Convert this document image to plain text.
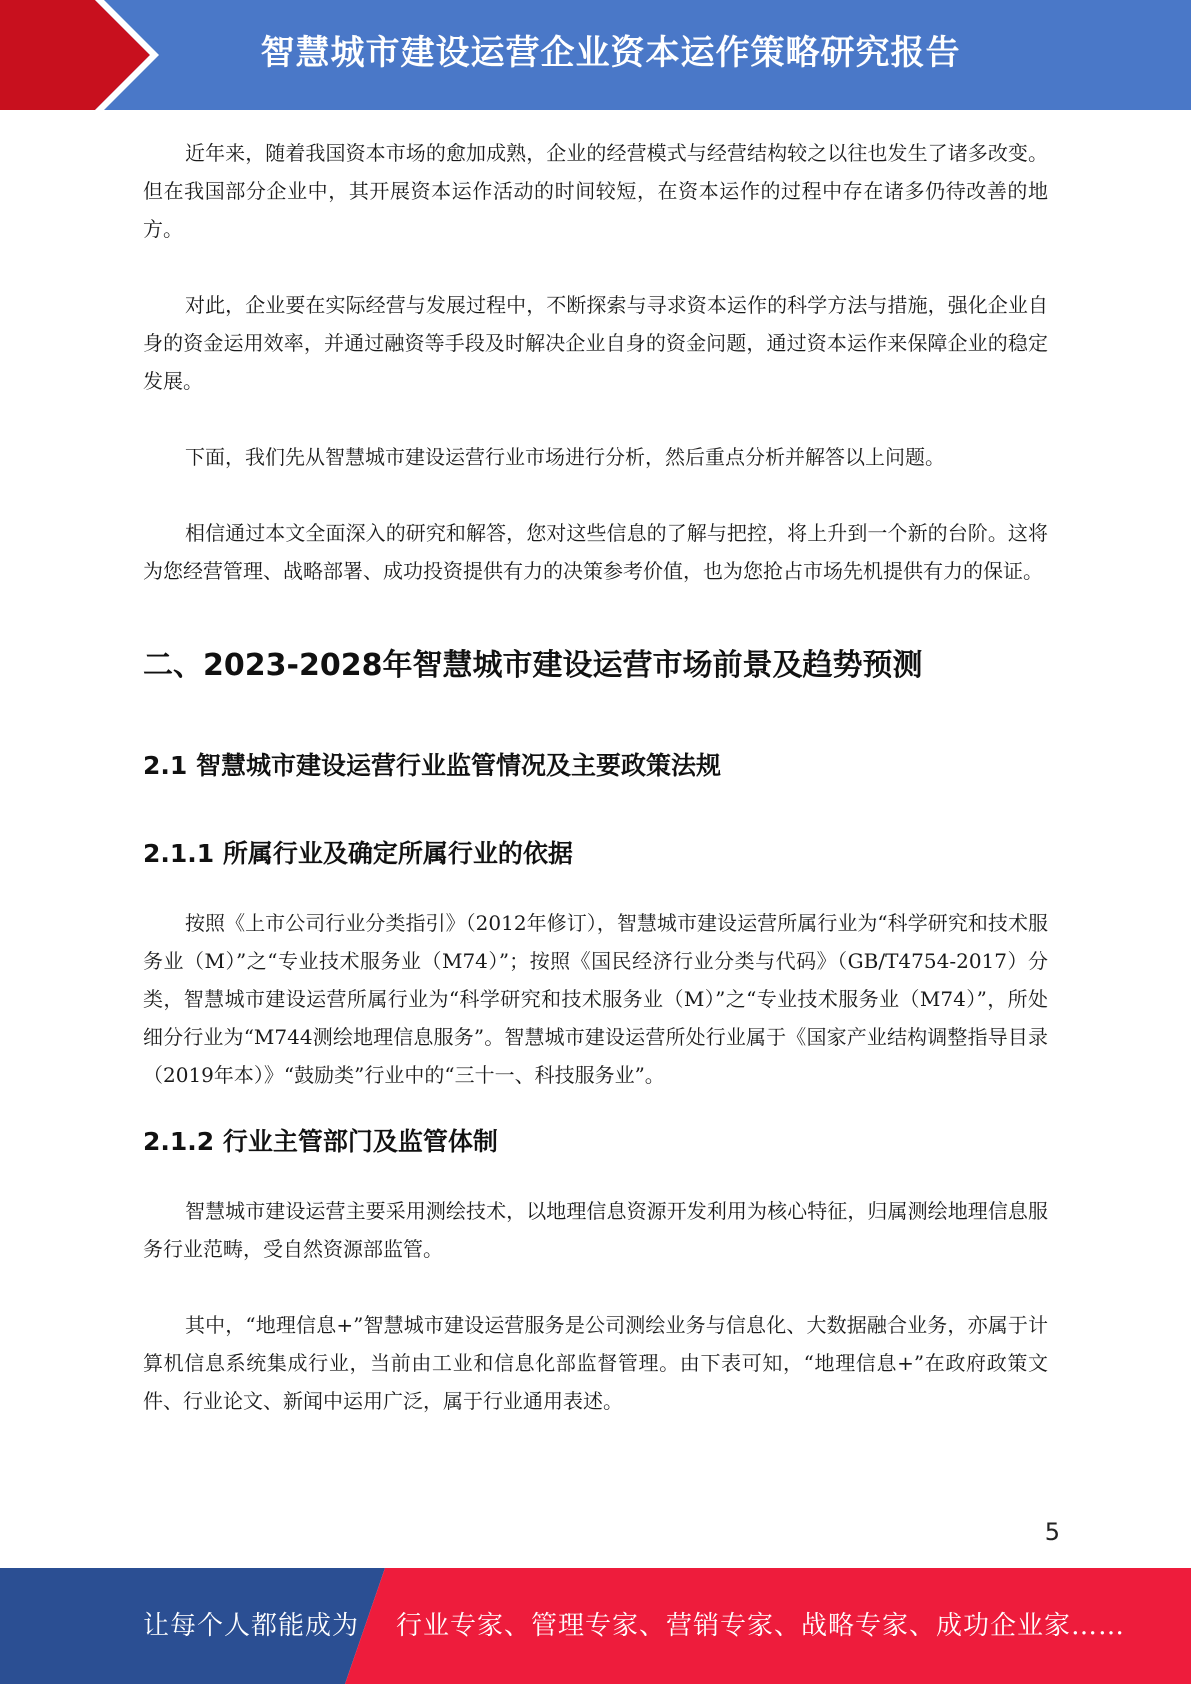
智慧城市建设运营企业资本运作策略研究报告

近年来，随着我国资本市场的愈加成熟，企业的经营模式与经营结构较之以往也发生了诸多改变。但在我国部分企业中，其开展资本运作活动的时间较短，在资本运作的过程中存在诸多仍待改善的地方。

对此，企业要在实际经营与发展过程中，不断探索与寻求资本运作的科学方法与措施，强化企业自身的资金运用效率，并通过融资等手段及时解决企业自身的资金问题，通过资本运作来保障企业的稳定发展。

下面，我们先从智慧城市建设运营行业市场进行分析，然后重点分析并解答以上问题。

相信通过本文全面深入的研究和解答，您对这些信息的了解与把控，将上升到一个新的台阶。这将为您经营管理、战略部署、成功投资提供有力的决策参考价值，也为您抢占市场先机提供有力的保证。

二、2023-2028年智慧城市建设运营市场前景及趋势预测
2.1 智慧城市建设运营行业监管情况及主要政策法规
2.1.1 所属行业及确定所属行业的依据

按照《上市公司行业分类指引》（2012年修订），智慧城市建设运营所属行业为“科学研究和技术服务业（M）”之“专业技术服务业（M74）”；按照《国民经济行业分类与代码》（GB/T4754-2017）分类，智慧城市建设运营所属行业为“科学研究和技术服务业（M）”之“专业技术服务业（M74）”，所处细分行业为“M744测绘地理信息服务”。智慧城市建设运营所处行业属于《国家产业结构调整指导目录（2019年本）》“鼓励类”行业中的“三十一、科技服务业”。

2.1.2 行业主管部门及监管体制

智慧城市建设运营主要采用测绘技术，以地理信息资源开发利用为核心特征，归属测绘地理信息服务行业范畴，受自然资源部监管。

其中，“地理信息+”智慧城市建设运营服务是公司测绘业务与信息化、大数据融合业务，亦属于计算机信息系统集成行业，当前由工业和信息化部监督管理。由下表可知，“地理信息+”在政府政策文件、行业论文、新闻中运用广泛，属于行业通用表述。

5
让每个人都能成为 行业专家、管理专家、营销专家、战略专家、成功企业家……
